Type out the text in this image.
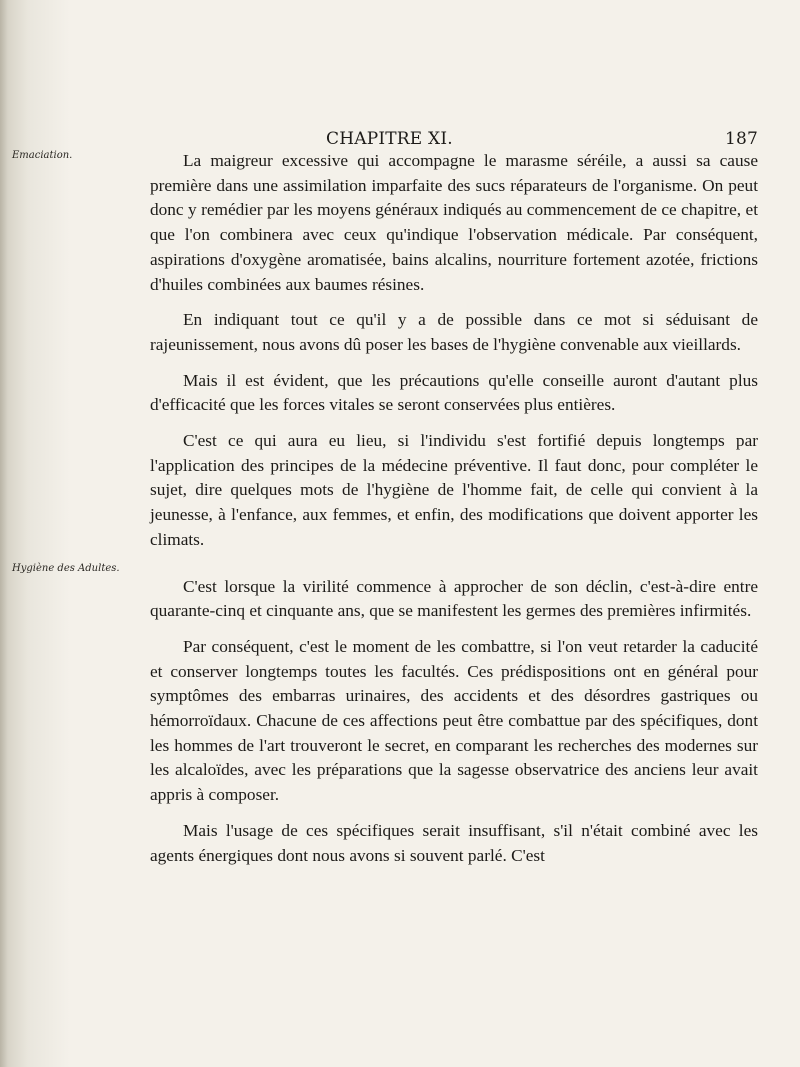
CHAPITRE XI.	187
Emaciation.
Hygiène des Adultes.

La maigreur excessive qui accompagne le marasme séréile, a aussi sa cause première dans une assimilation imparfaite des sucs réparateurs de l'organisme. On peut donc y remédier par les moyens généraux indiqués au commencement de ce chapitre, et que l'on combinera avec ceux qu'indique l'observation médicale. Par conséquent, aspirations d'oxygène aromatisée, bains alcalins, nourriture fortement azotée, frictions d'huiles combinées aux baumes résines.

En indiquant tout ce qu'il y a de possible dans ce mot si séduisant de rajeunissement, nous avons dû poser les bases de l'hygiène convenable aux vieillards.

Mais il est évident, que les précautions qu'elle conseille auront d'autant plus d'efficacité que les forces vitales se seront conservées plus entières.

C'est ce qui aura eu lieu, si l'individu s'est fortifié depuis longtemps par l'application des principes de la médecine préventive. Il faut donc, pour compléter le sujet, dire quelques mots de l'hygiène de l'homme fait, de celle qui convient à la jeunesse, à l'enfance, aux femmes, et enfin, des modifications que doivent apporter les climats.

C'est lorsque la virilité commence à approcher de son déclin, c'est-à-dire entre quarante-cinq et cinquante ans, que se manifestent les germes des premières infirmités.

Par conséquent, c'est le moment de les combattre, si l'on veut retarder la caducité et conserver longtemps toutes les facultés. Ces prédispositions ont en général pour symptômes des embarras urinaires, des accidents et des désordres gastriques ou hémorroïdaux. Chacune de ces affections peut être combattue par des spécifiques, dont les hommes de l'art trouveront le secret, en comparant les recherches des modernes sur les alcaloïdes, avec les préparations que la sagesse observatrice des anciens leur avait appris à composer.

Mais l'usage de ces spécifiques serait insuffisant, s'il n'était combiné avec les agents énergiques dont nous avons si souvent parlé. C'est
